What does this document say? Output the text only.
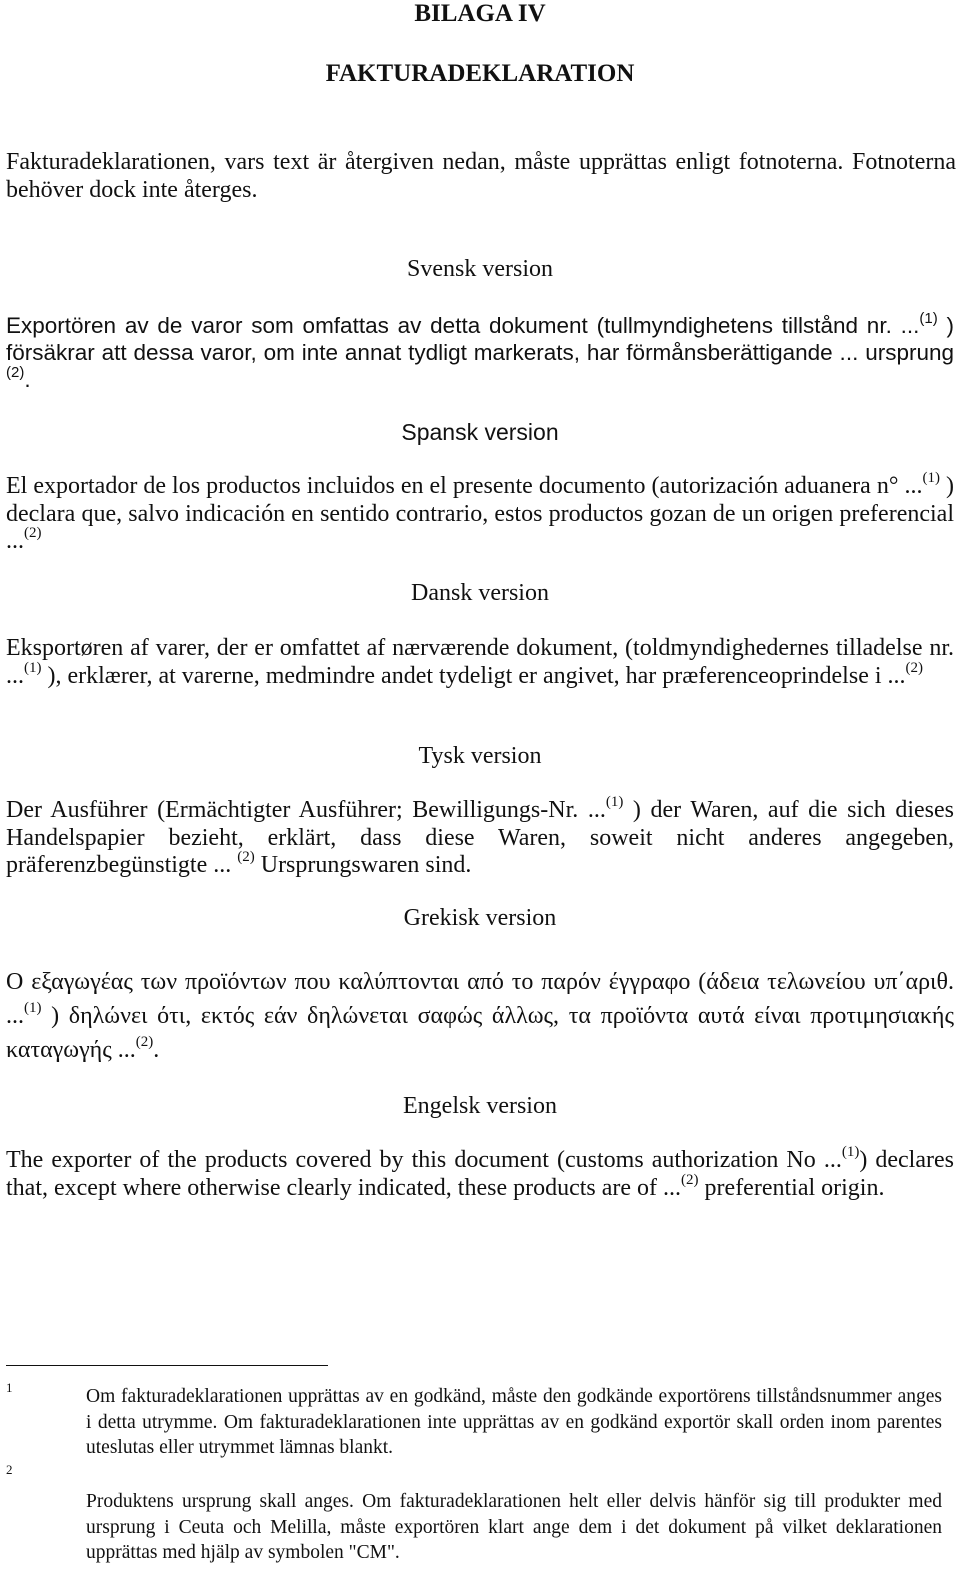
BILAGA IV
FAKTURADEKLARATION
Fakturadeklarationen, vars text är återgiven nedan, måste upprättas enligt fotnoterna. Fotnoterna behöver dock inte återges.
Svensk version
Exportören av de varor som omfattas av detta dokument (tullmyndighetens tillstånd nr. ...$^{(1)}$ ) försäkrar att dessa varor, om inte annat tydligt markerats, har förmånsberättigande ... ursprung $^{(2)}$.
Spansk version
El exportador de los productos incluidos en el presente documento (autorización aduanera n° ...$^{(1)}$ ) declara que, salvo indicación en sentido contrario, estos productos gozan de un origen preferencial ...$^{(2)}$
Dansk version
Eksportøren af varer, der er omfattet af nærværende dokument, (toldmyndighedernes tilladelse nr. ...$^{(1)}$ ), erklærer, at varerne, medmindre andet tydeligt er angivet, har præferenceoprindelse i ...$^{(2)}$
Tysk version
Der Ausführer (Ermächtigter Ausführer; Bewilligungs-Nr. ...$^{(1)}$ ) der Waren, auf die sich dieses Handelspapier bezieht, erklärt, dass diese Waren, soweit nicht anderes angegeben, präferenzbegünstigte ... $^{(2)}$ Ursprungswaren sind.
Grekisk version
Ο εξαγωγέας των προϊόντων που καλύπτονται από το παρόν έγγραφο (άδεια τελωνείου υπ΄αριθ. ...$^{(1)}$ ) δηλώνει ότι, εκτός εάν δηλώνεται σαφώς άλλως, τα προϊόντα αυτά είναι προτιμησιακής καταγωγής ...$^{(2)}$.
Engelsk version
The exporter of the products covered by this document (customs authorization No ...$^{(1)}$) declares that, except where otherwise clearly indicated, these products are of ...$^{(2)}$ preferential origin.
1	Om fakturadeklarationen upprättas av en godkänd, måste den godkände exportörens tillståndsnummer anges i detta utrymme. Om fakturadeklarationen inte upprättas av en godkänd exportör skall orden inom parentes uteslutas eller utrymmet lämnas blankt.
2
Produktens ursprung skall anges. Om fakturadeklarationen helt eller delvis hänför sig till produkter med ursprung i Ceuta och Melilla, måste exportören klart ange dem i det dokument på vilket deklarationen upprättas med hjälp av symbolen "CM".
